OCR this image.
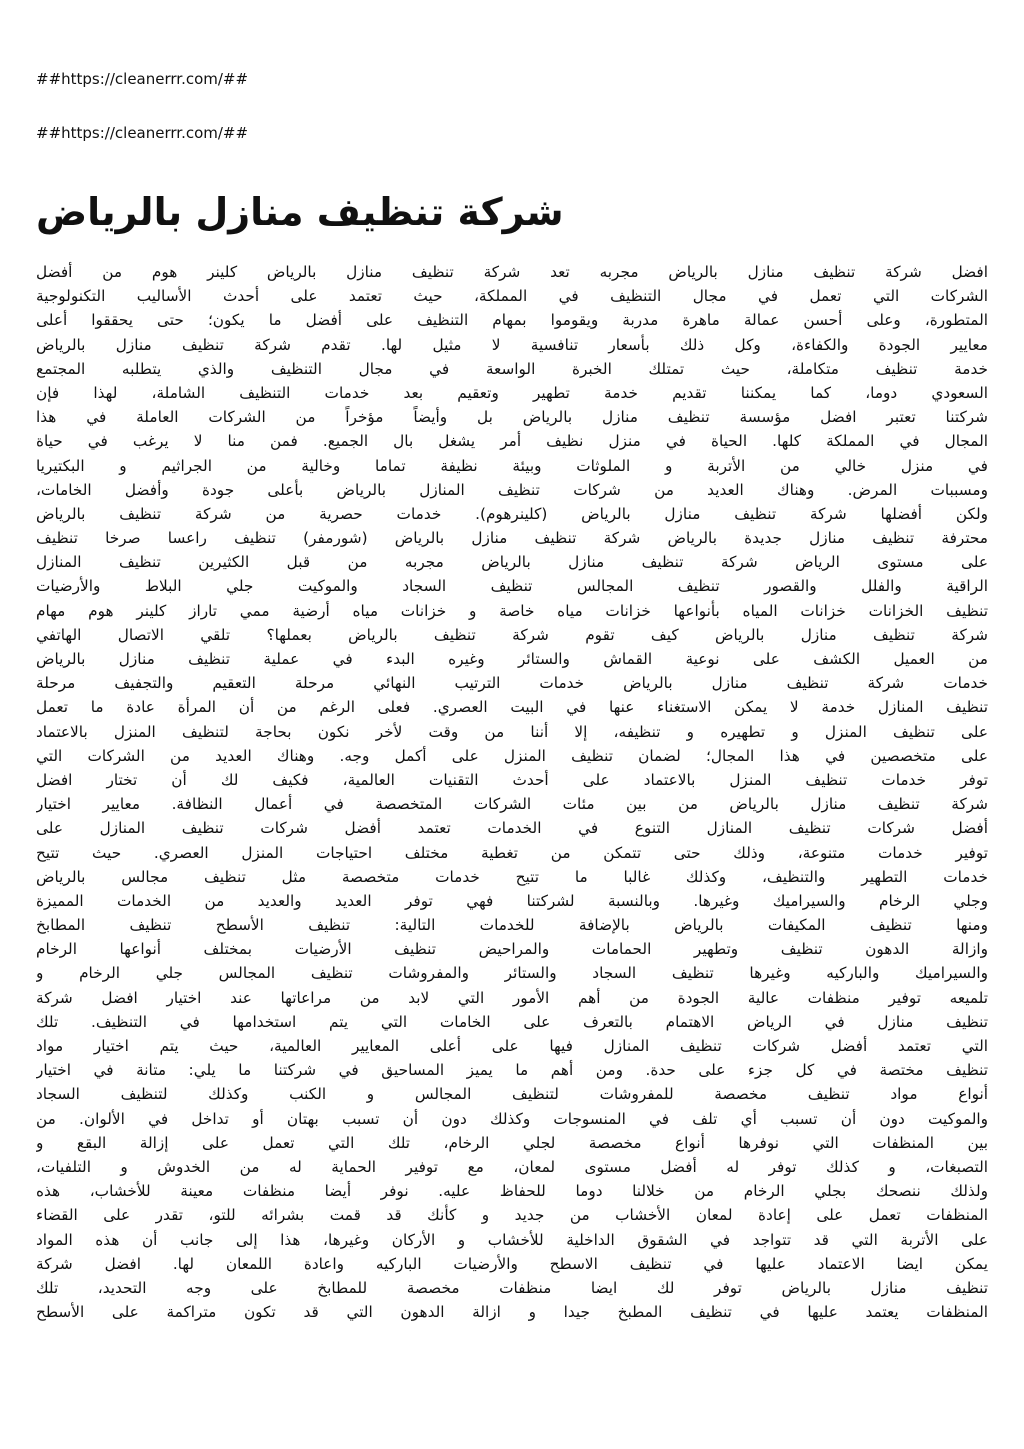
##https://cleanerrr.com/##
##https://cleanerrr.com/##
شركة تنظيف منازل بالرياض
افضل شركة تنظيف منازل بالرياض مجربه تعد شركة تنظيف منازل بالرياض كلينر هوم من أفضل
الشركات التي تعمل في مجال التنظيف في المملكة، حيث تعتمد على أحدث الأساليب التكنولوجية
المتطورة، وعلى أحسن عمالة ماهرة مدربة ويقوموا بمهام التنظيف على أفضل ما يكون؛ حتى يحققوا أعلى
معايير الجودة والكفاءة، وكل ذلك بأسعار تنافسية لا مثيل لها. تقدم شركة تنظيف منازل بالرياض
خدمة تنظيف متكاملة، حيث تمتلك الخبرة الواسعة في مجال التنظيف والذي يتطلبه المجتمع
السعودي دوما، كما يمكننا تقديم خدمة تطهير وتعقيم بعد خدمات التنظيف الشاملة، لهذا فإن
شركتنا تعتبر افضل مؤسسة تنظيف منازل بالرياض بل وأيضاً مؤخراً من الشركات العاملة في هذا
المجال في المملكة كلها. الحياة في منزل نظيف أمر يشغل بال الجميع. فمن منا لا يرغب في حياة
في منزل خالي من الأتربة و الملوثات وبيئة نظيفة تماما وخالية من الجراثيم و البكتيريا
ومسببات المرض. وهناك العديد من شركات تنظيف المنازل بالرياض بأعلى جودة وأفضل الخامات،
ولكن أفضلها شركة تنظيف منازل بالرياض (كلينرهوم). خدمات حصرية من شركة تنظيف بالرياض
محترفة تنظيف منازل جديدة بالرياض شركة تنظيف منازل بالرياض (شورمفر) تنظيف راعسا صرخا تنظيف
على مستوى الرياض شركة تنظيف منازل بالرياض مجربه من قبل الكثيرين تنظيف المنازل
الراقية والفلل والقصور تنظيف المجالس تنظيف السجاد والموكيت جلي البلاط والأرضيات
تنظيف الخزانات خزانات المياه بأنواعها خزانات مياه خاصة و خزانات مياه أرضية ممي تاراز كلينر هوم مهام
شركة تنظيف منازل بالرياض كيف تقوم شركة تنظيف بالرياض بعملها؟ تلقي الاتصال الهاتفي
من العميل الكشف على نوعية القماش والستائر وغيره البدء في عملية تنظيف منازل بالرياض
خدمات شركة تنظيف منازل بالرياض خدمات الترتيب النهائي مرحلة التعقيم والتجفيف مرحلة
تنظيف المنازل خدمة لا يمكن الاستغناء عنها في البيت العصري. فعلى الرغم من أن المرأة عادة ما تعمل
على تنظيف المنزل و تطهيره و تنظيفه، إلا أننا من وقت لأخر نكون بحاجة لتنظيف المنزل بالاعتماد
على متخصصين في هذا المجال؛ لضمان تنظيف المنزل على أكمل وجه. وهناك العديد من الشركات التي
توفر خدمات تنظيف المنزل بالاعتماد على أحدث التقنيات العالمية، فكيف لك أن تختار افضل
شركة تنظيف منازل بالرياض من بين مئات الشركات المتخصصة في أعمال النظافة. معايير اختيار
أفضل شركات تنظيف المنازل التنوع في الخدمات تعتمد أفضل شركات تنظيف المنازل على
توفير خدمات متنوعة، وذلك حتى تتمكن من تغطية مختلف احتياجات المنزل العصري. حيث تتيح
خدمات التطهير والتنظيف، وكذلك غالبا ما تتيح خدمات متخصصة مثل تنظيف مجالس بالرياض
وجلي الرخام والسيراميك وغيرها. وبالنسبة لشركتنا فهي توفر العديد والعديد من الخدمات المميزة
ومنها تنظيف المكيفات بالرياض بالإضافة للخدمات التالية: تنظيف الأسطح تنظيف المطابخ
وازالة الدهون تنظيف وتطهير الحمامات والمراحيض تنظيف الأرضيات بمختلف أنواعها الرخام
والسيراميك والباركيه وغيرها تنظيف السجاد والستائر والمفروشات تنظيف المجالس جلي الرخام و
تلميعه توفير منظفات عالية الجودة من أهم الأمور التي لابد من مراعاتها عند اختيار افضل شركة
تنظيف منازل في الرياض الاهتمام بالتعرف على الخامات التي يتم استخدامها في التنظيف. تلك
التي تعتمد أفضل شركات تنظيف المنازل فيها على أعلى المعايير العالمية، حيث يتم اختيار مواد
تنظيف مختصة في كل جزء على حدة. ومن أهم ما يميز المساحيق في شركتنا ما يلي: متانة في اختيار
أنواع مواد تنظيف مخصصة للمفروشات لتنظيف المجالس و الكنب وكذلك لتنظيف السجاد
والموكيت دون أن تسبب أي تلف في المنسوجات وكذلك دون أن تسبب بهتان أو تداخل في الألوان. من
بين المنظفات التي نوفرها أنواع مخصصة لجلي الرخام، تلك التي تعمل على إزالة البقع و
التصبغات، و كذلك توفر له أفضل مستوى لمعان، مع توفير الحماية له من الخدوش و التلفيات،
ولذلك ننصحك بجلي الرخام من خلالنا دوما للحفاظ عليه. نوفر أيضا منظفات معينة للأخشاب، هذه
المنظفات تعمل على إعادة لمعان الأخشاب من جديد و كأنك قد قمت بشرائه للتو، تقدر على القضاء
على الأتربة التي قد تتواجد في الشقوق الداخلية للأخشاب و الأركان وغيرها، هذا إلى جانب أن هذه المواد
يمكن ايضا الاعتماد عليها في تنظيف الاسطح والأرضيات الباركيه واعادة اللمعان لها. افضل شركة
تنظيف منازل بالرياض توفر لك ايضا منظفات مخصصة للمطابخ على وجه التحديد، تلك
المنظفات يعتمد عليها في تنظيف المطبخ جيدا و ازالة الدهون التي قد تكون متراكمة على الأسطح
